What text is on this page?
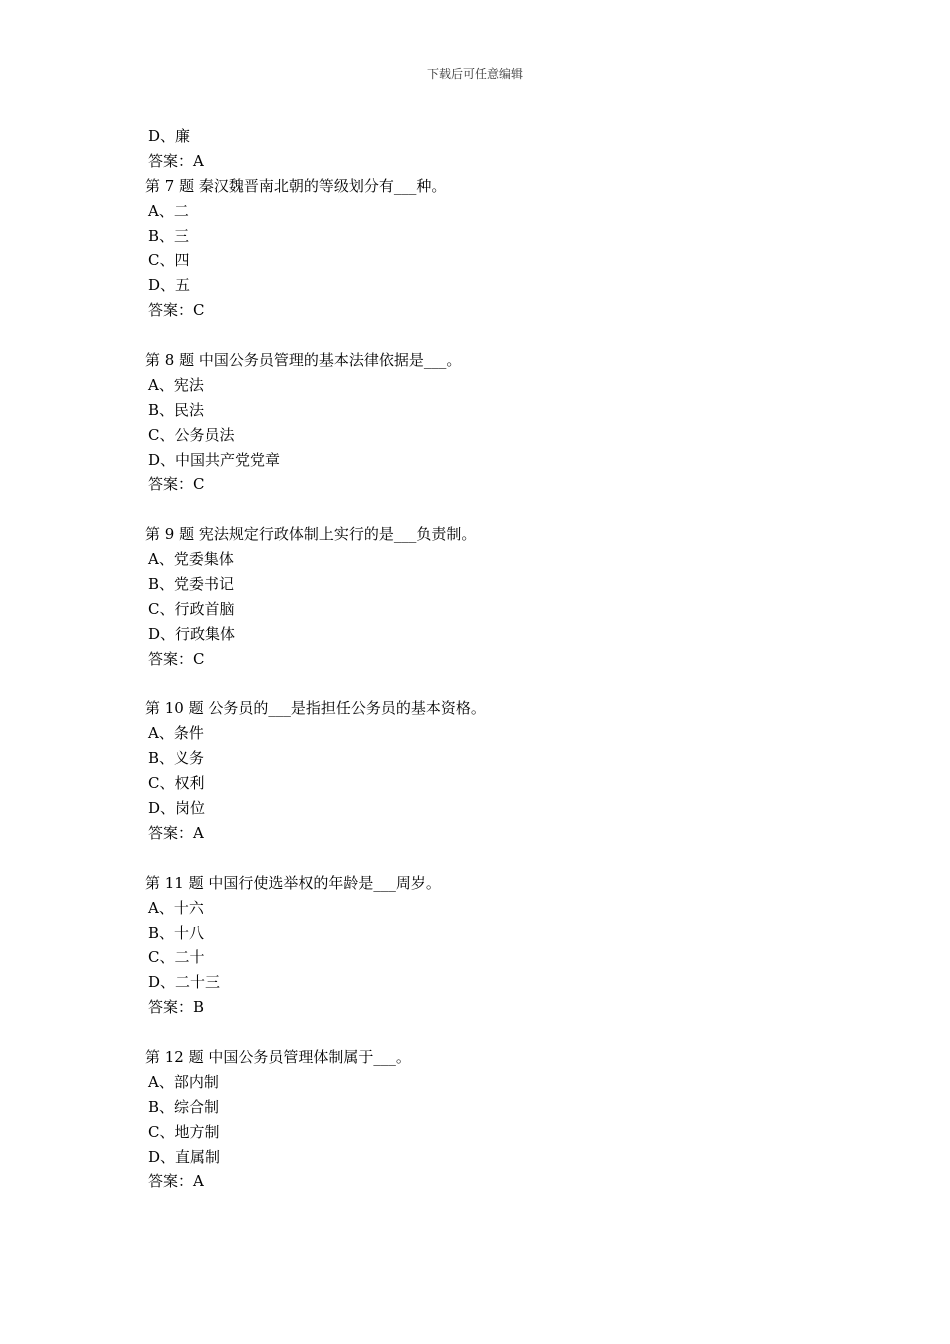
下载后可任意编辑
D、廉
答案：A
第 7 题 秦汉魏晋南北朝的等级划分有___种。
A、二
B、三
C、四
D、五
答案：C
第 8 题 中国公务员管理的基本法律依据是___。
A、宪法
B、民法
C、公务员法
D、中国共产党党章
答案：C
第 9 题 宪法规定行政体制上实行的是___负责制。
A、党委集体
B、党委书记
C、行政首脑
D、行政集体
答案：C
第 10 题 公务员的___是指担任公务员的基本资格。
A、条件
B、义务
C、权利
D、岗位
答案：A
第 11 题 中国行使选举权的年龄是___周岁。
A、十六
B、十八
C、二十
D、二十三
答案：B
第 12 题 中国公务员管理体制属于___。
A、部内制
B、综合制
C、地方制
D、直属制
答案：A
